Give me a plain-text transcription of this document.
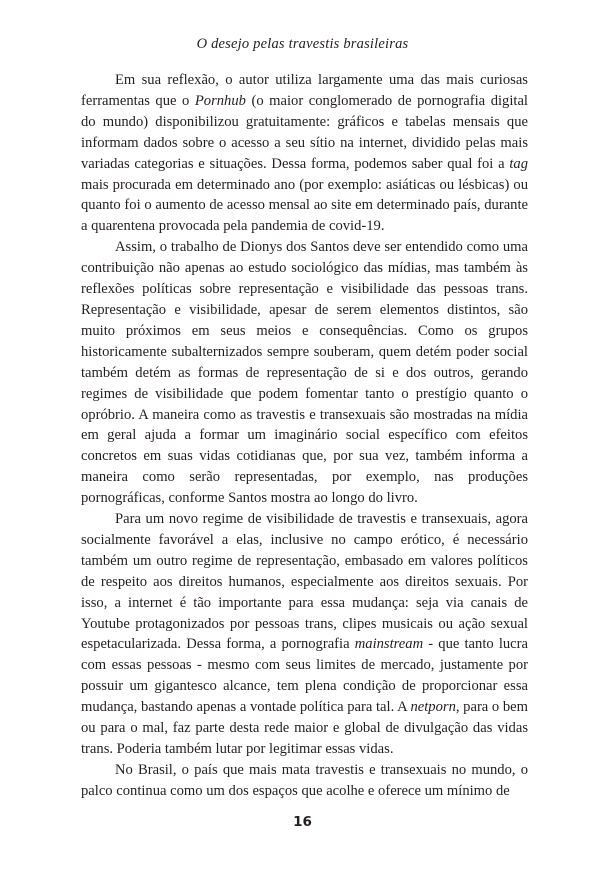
O desejo pelas travestis brasileiras

Em sua reflexão, o autor utiliza largamente uma das mais curiosas ferramentas que o Pornhub (o maior conglomerado de pornografia digital do mundo) disponibilizou gratuitamente: gráficos e tabelas mensais que informam dados sobre o acesso a seu sítio na internet, dividido pelas mais variadas categorias e situações. Dessa forma, podemos saber qual foi a tag mais procurada em determinado ano (por exemplo: asiáticas ou lésbicas) ou quanto foi o aumento de acesso mensal ao site em determinado país, durante a quarentena provocada pela pandemia de covid-19.

Assim, o trabalho de Dionys dos Santos deve ser entendido como uma contribuição não apenas ao estudo sociológico das mídias, mas também às reflexões políticas sobre representação e visibilidade das pessoas trans. Representação e visibilidade, apesar de serem elementos distintos, são muito próximos em seus meios e consequências. Como os grupos historicamente subalternizados sempre souberam, quem detém poder social também detém as formas de representação de si e dos outros, gerando regimes de visibilidade que podem fomentar tanto o prestígio quanto o opróbrio. A maneira como as travestis e transexuais são mostradas na mídia em geral ajuda a formar um imaginário social específico com efeitos concretos em suas vidas cotidianas que, por sua vez, também informa a maneira como serão representadas, por exemplo, nas produções pornográficas, conforme Santos mostra ao longo do livro.

Para um novo regime de visibilidade de travestis e transexuais, agora socialmente favorável a elas, inclusive no campo erótico, é necessário também um outro regime de representação, embasado em valores políticos de respeito aos direitos humanos, especialmente aos direitos sexuais. Por isso, a internet é tão importante para essa mudança: seja via canais de Youtube protagonizados por pessoas trans, clipes musicais ou ação sexual espetacularizada. Dessa forma, a pornografia mainstream - que tanto lucra com essas pessoas - mesmo com seus limites de mercado, justamente por possuir um gigantesco alcance, tem plena condição de proporcionar essa mudança, bastando apenas a vontade política para tal. A netporn, para o bem ou para o mal, faz parte desta rede maior e global de divulgação das vidas trans. Poderia também lutar por legitimar essas vidas.

No Brasil, o país que mais mata travestis e transexuais no mundo, o palco continua como um dos espaços que acolhe e oferece um mínimo de

16
